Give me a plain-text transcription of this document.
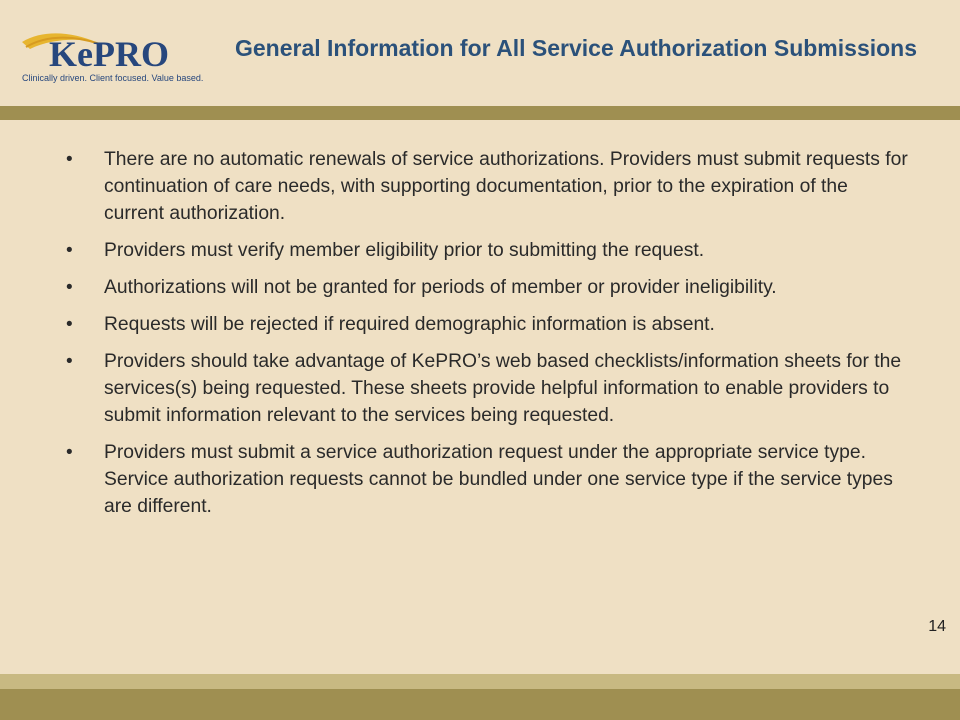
KePRO
Clinically driven. Client focused. Value based.
General Information for All Service Authorization Submissions
• There are no automatic renewals of service authorizations. Providers must submit requests for continuation of care needs, with supporting documentation, prior to the expiration of the current authorization.
• Providers must verify member eligibility prior to submitting the request.
• Authorizations will not be granted for periods of member or provider ineligibility.
• Requests will be rejected if required demographic information is absent.
• Providers should take advantage of KePRO’s web based checklists/information sheets for the services(s) being requested. These sheets provide helpful information to enable providers to submit information relevant to the services being requested.
• Providers must submit a service authorization request under the appropriate service type. Service authorization requests cannot be bundled under one service type if the service types are different.
14
